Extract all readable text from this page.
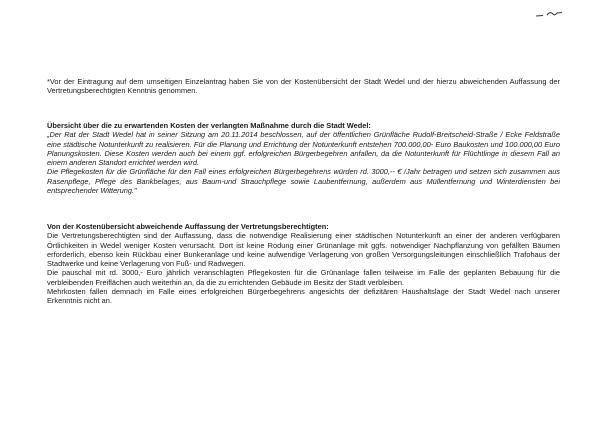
*Vor der Eintragung auf dem umseitigen Einzelantrag haben Sie von der Kostenübersicht der Stadt Wedel und der hierzu abweichenden Auffassung der Vertretungsberechtigten Kenntnis genommen.

Übersicht über die zu erwartenden Kosten der verlangten Maßnahme durch die Stadt Wedel:

„Der Rat der Stadt Wedel hat in seiner Sitzung am 20.11.2014 beschlossen, auf der öffentlichen Grünfläche Rudolf-Breitscheid-Straße / Ecke Feldstraße eine städtische Notunterkunft zu realisieren. Für die Planung und Errichtung der Notunterkunft entstehen 700.000,00- Euro Baukosten und 100.000,00 Euro Planungskosten. Diese Kosten werden auch bei einem ggf. erfolgreichen Bürgerbegehren anfallen, da die Notunterkunft für Flüchtlinge in diesem Fall an einem anderen Standort errichtet werden wird.

Die Pflegekosten für die Grünfläche für den Fall eines erfolgreichen Bürgerbegehrens würden rd. 3000,-- € /Jahr betragen und setzen sich zusammen aus Rasenpflege, Pflege des Bankbelages, aus Baum-und Strauchpflege sowie Laubentfernung, außerdem aus Müllentfernung und Winterdiensten bei entsprechender Witterung."

Von der Kostenübersicht abweichende Auffassung der Vertretungsberechtigten:

Die Vertretungsberechtigten sind der Auffassung, dass die notwendige Realisierung einer städtischen Notunterkunft an einer der anderen verfügbaren Örtlichkeiten in Wedel weniger Kosten verursacht. Dort ist keine Rodung einer Grünanlage mit ggfs. notwendiger Nachpflanzung von gefällten Bäumen erforderlich, ebenso kein Rückbau einer Bunkeranlage und keine aufwendige Verlagerung von großen Versorgungsleitungen einschließlich Trafohaus der Stadtwerke und keine Verlagerung von Fuß- und Radwegen.

Die pauschal mit rd. 3000,- Euro jährlich veranschlagten Pflegekosten für die Grünanlage fallen teilweise im Falle der geplanten Bebauung für die verbleibenden Freiflächen auch weiterhin an, da die zu errichtenden Gebäude im Besitz der Stadt verbleiben.

Mehrkosten fallen demnach im Falle eines erfolgreichen Bürgerbegehrens angesichts der defizitären Haushaltslage der Stadt Wedel nach unserer Erkenntnis nicht an.
